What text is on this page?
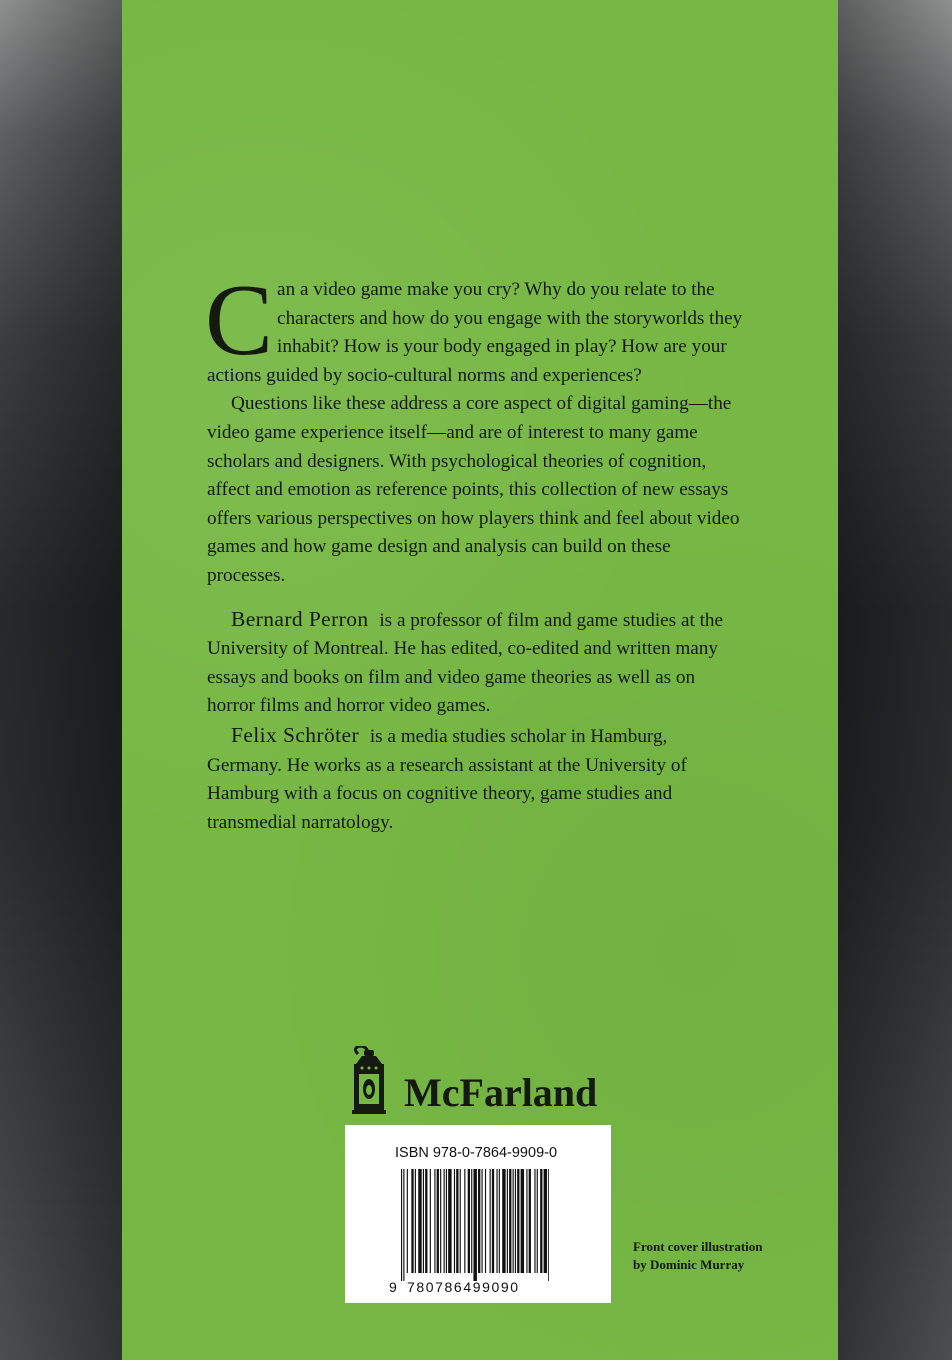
Can a video game make you cry? Why do you relate to the characters and how do you engage with the storyworlds they inhabit? How is your body engaged in play? How are your actions guided by socio-cultural norms and experiences?

Questions like these address a core aspect of digital gaming—the video game experience itself—and are of interest to many game scholars and designers. With psychological theories of cognition, affect and emotion as reference points, this collection of new essays offers various perspectives on how players think and feel about video games and how game design and analysis can build on these processes.

Bernard Perron is a professor of film and game studies at the University of Montreal. He has edited, co-edited and written many essays and books on film and video game theories as well as on horror films and horror video games.

Felix Schröter is a media studies scholar in Hamburg, Germany. He works as a research assistant at the University of Hamburg with a focus on cognitive theory, game studies and transmedial narratology.

McFarland
ISBN 978-0-7864-9909-0
9 780786499090
Front cover illustration
by Dominic Murray
